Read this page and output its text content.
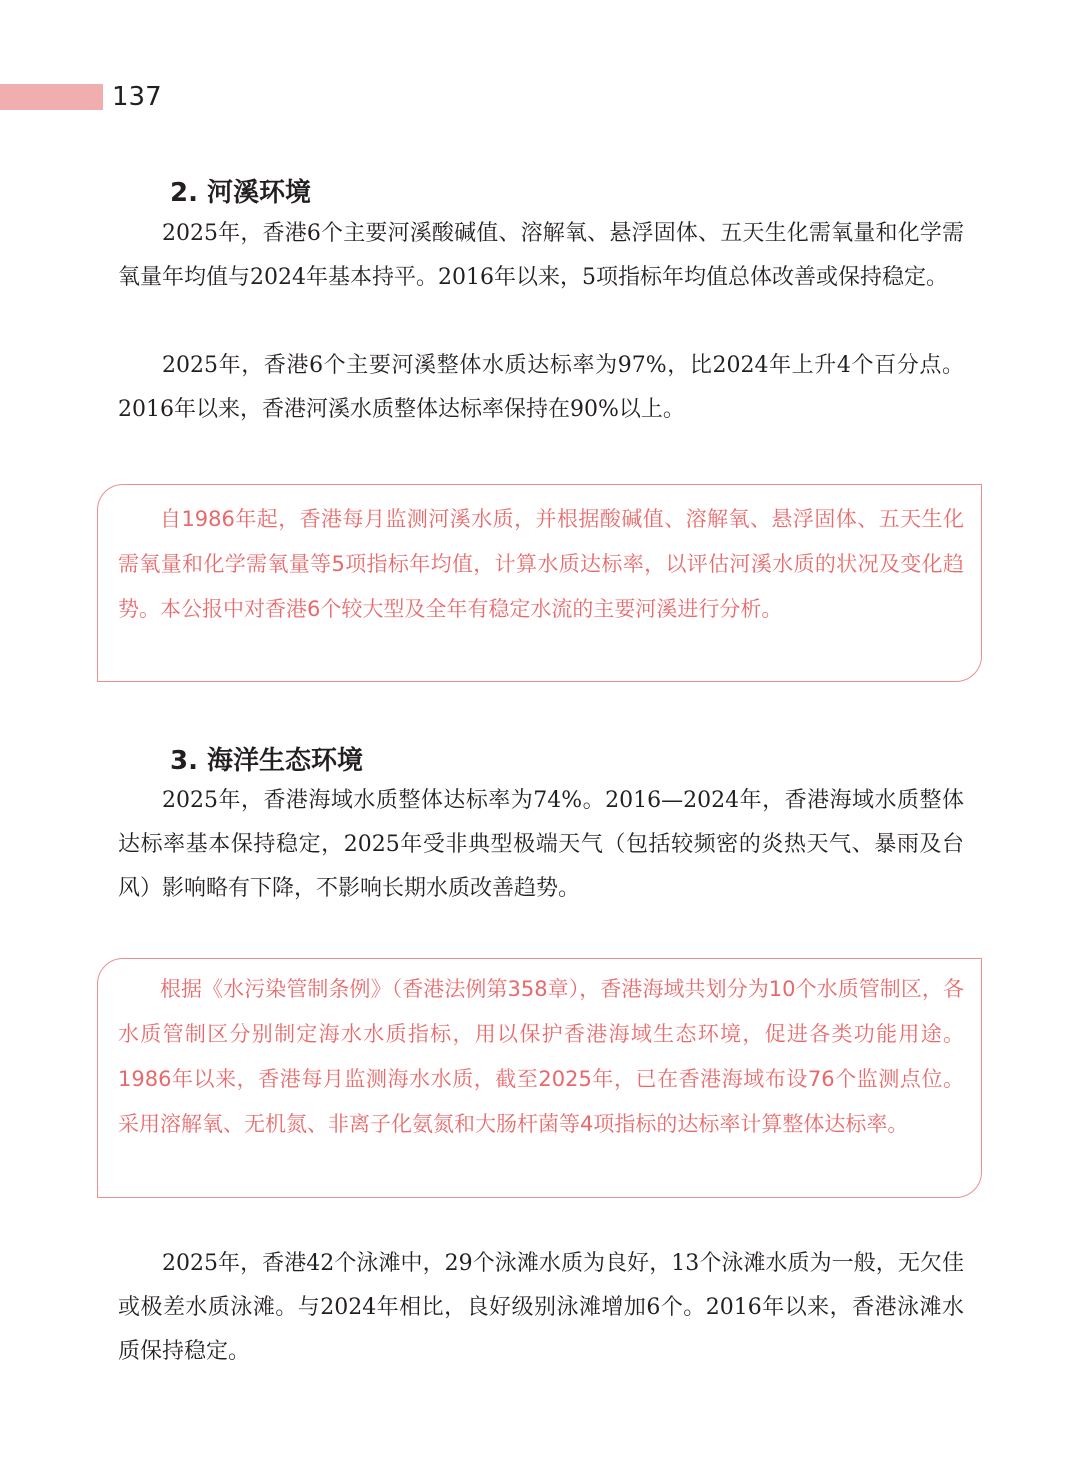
137
2. 河溪环境

2025年，香港6个主要河溪酸碱值、溶解氧、悬浮固体、五天生化需氧量和化学需氧量年均值与2024年基本持平。2016年以来，5项指标年均值总体改善或保持稳定。

2025年，香港6个主要河溪整体水质达标率为97%，比2024年上升4个百分点。2016年以来，香港河溪水质整体达标率保持在90%以上。

自1986年起，香港每月监测河溪水质，并根据酸碱值、溶解氧、悬浮固体、五天生化需氧量和化学需氧量等5项指标年均值，计算水质达标率，以评估河溪水质的状况及变化趋势。本公报中对香港6个较大型及全年有稳定水流的主要河溪进行分析。

3. 海洋生态环境

2025年，香港海域水质整体达标率为74%。2016—2024年，香港海域水质整体达标率基本保持稳定，2025年受非典型极端天气（包括较频密的炎热天气、暴雨及台风）影响略有下降，不影响长期水质改善趋势。

根据《水污染管制条例》（香港法例第358章），香港海域共划分为10个水质管制区，各水质管制区分别制定海水水质指标，用以保护香港海域生态环境，促进各类功能用途。1986年以来，香港每月监测海水水质，截至2025年，已在香港海域布设76个监测点位。采用溶解氧、无机氮、非离子化氨氮和大肠杆菌等4项指标的达标率计算整体达标率。

2025年，香港42个泳滩中，29个泳滩水质为良好，13个泳滩水质为一般，无欠佳或极差水质泳滩。与2024年相比，良好级别泳滩增加6个。2016年以来，香港泳滩水质保持稳定。
